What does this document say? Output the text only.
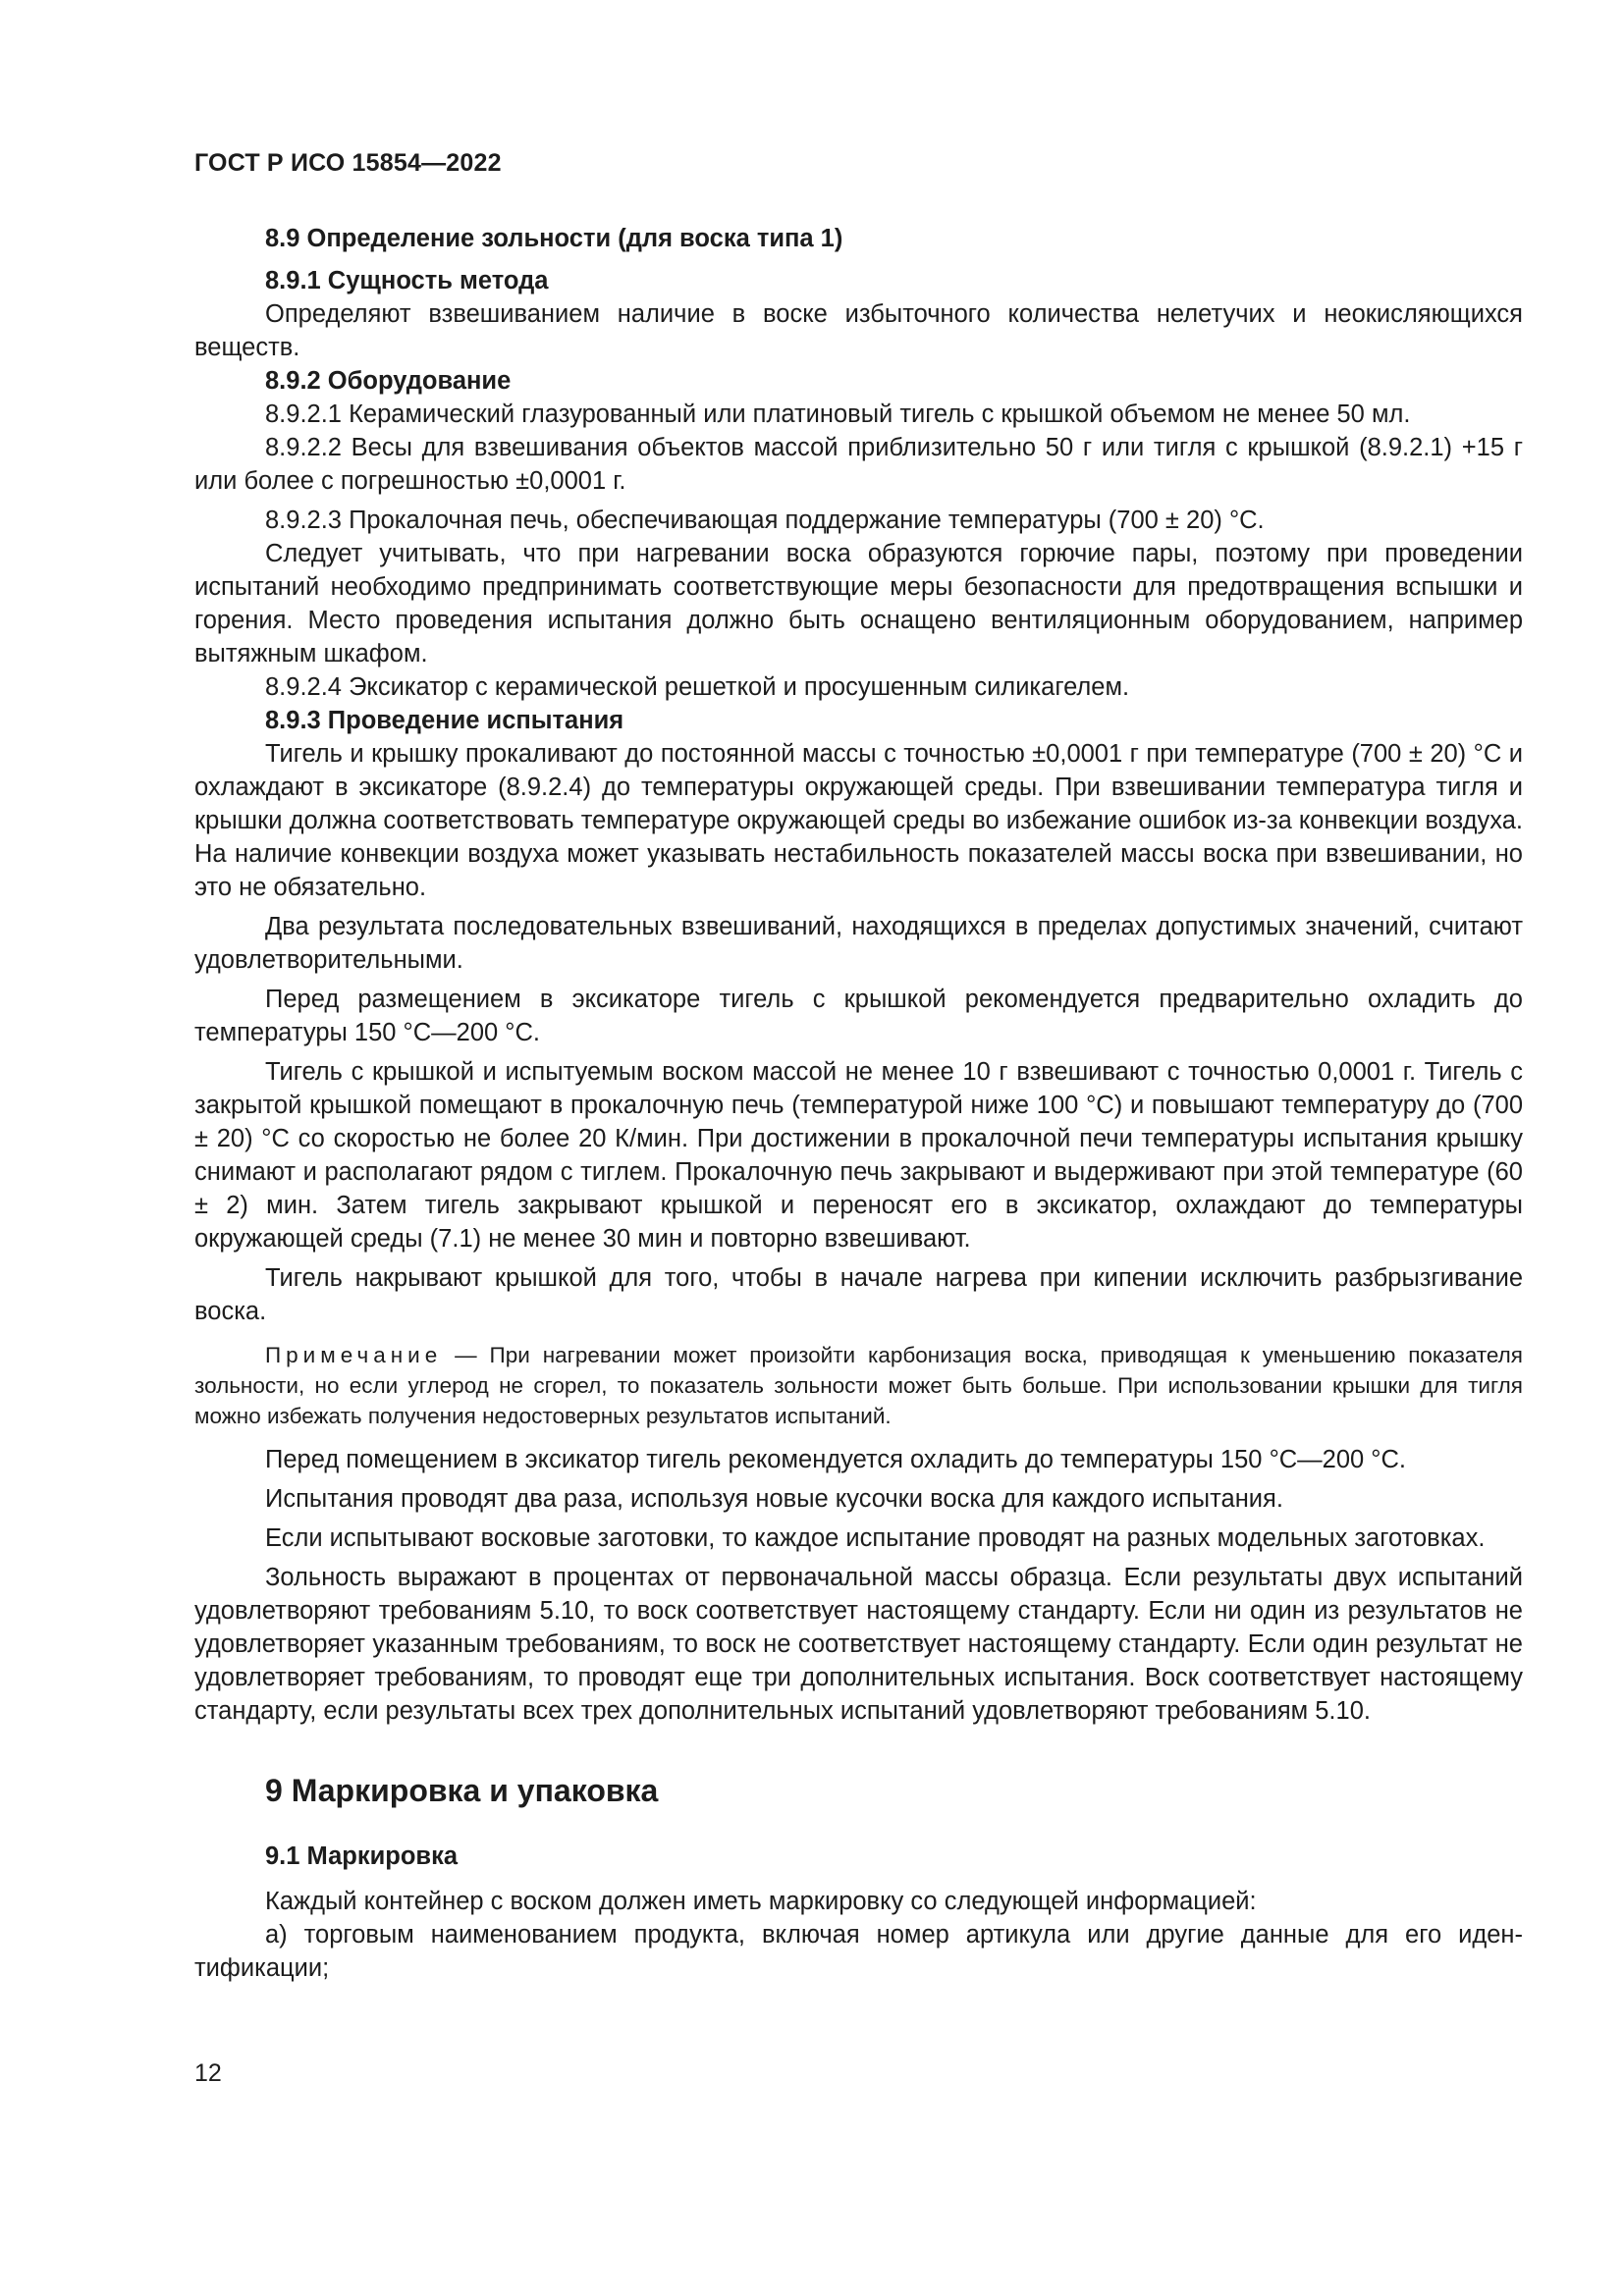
ГОСТ Р ИСО 15854—2022

8.9 Определение зольности (для воска типа 1)

8.9.1 Сущность метода

Определяют взвешиванием наличие в воске избыточного количества нелетучих и неокисляющихся веществ.

8.9.2 Оборудование

8.9.2.1 Керамический глазурованный или платиновый тигель с крышкой объемом не менее 50 мл.

8.9.2.2 Весы для взвешивания объектов массой приблизительно 50 г или тигля с крышкой (8.9.2.1) +15 г или более с погрешностью ±0,0001 г.

8.9.2.3 Прокалочная печь, обеспечивающая поддержание температуры (700 ± 20) °С.

Следует учитывать, что при нагревании воска образуются горючие пары, поэтому при проведении испытаний необходимо предпринимать соответствующие меры безопасности для предотвращения вспышки и горения. Место проведения испытания должно быть оснащено вентиляционным оборудованием, например вытяжным шкафом.

8.9.2.4 Эксикатор с керамической решеткой и просушенным силикагелем.

8.9.3 Проведение испытания

Тигель и крышку прокаливают до постоянной массы с точностью ±0,0001 г при температуре (700 ± 20) °С и охлаждают в эксикаторе (8.9.2.4) до температуры окружающей среды. При взвешивании температура тигля и крышки должна соответствовать температуре окружающей среды во избежание ошибок из-за конвекции воздуха. На наличие конвекции воздуха может указывать нестабильность показателей массы воска при взвешивании, но это не обязательно.

Два результата последовательных взвешиваний, находящихся в пределах допустимых значений, считают удовлетворительными.

Перед размещением в эксикаторе тигель с крышкой рекомендуется предварительно охладить до температуры 150 °С—200 °С.

Тигель с крышкой и испытуемым воском массой не менее 10 г взвешивают с точностью 0,0001 г. Тигель с закрытой крышкой помещают в прокалочную печь (температурой ниже 100 °С) и повышают температуру до (700 ± 20) °С со скоростью не более 20 К/мин. При достижении в прокалочной печи температуры испытания крышку снимают и располагают рядом с тиглем. Прокалочную печь закрывают и выдерживают при этой температуре (60 ± 2) мин. Затем тигель закрывают крышкой и переносят его в эксикатор, охлаждают до температуры окружающей среды (7.1) не менее 30 мин и повторно взвешивают.

Тигель накрывают крышкой для того, чтобы в начале нагрева при кипении исключить разбрызгивание воска.

Примечание — При нагревании может произойти карбонизация воска, приводящая к уменьшению показателя зольности, но если углерод не сгорел, то показатель зольности может быть больше. При использовании крышки для тигля можно избежать получения недостоверных результатов испытаний.

Перед помещением в эксикатор тигель рекомендуется охладить до температуры 150 °С—200 °С.

Испытания проводят два раза, используя новые кусочки воска для каждого испытания.

Если испытывают восковые заготовки, то каждое испытание проводят на разных модельных заготовках.

Зольность выражают в процентах от первоначальной массы образца. Если результаты двух испытаний удовлетворяют требованиям 5.10, то воск соответствует настоящему стандарту. Если ни один из результатов не удовлетворяет указанным требованиям, то воск не соответствует настоящему стандарту. Если один результат не удовлетворяет требованиям, то проводят еще три дополнительных испытания. Воск соответствует настоящему стандарту, если результаты всех трех дополнительных испытаний удовлетворяют требованиям 5.10.

9 Маркировка и упаковка

9.1 Маркировка

Каждый контейнер с воском должен иметь маркировку со следующей информацией:

a) торговым наименованием продукта, включая номер артикула или другие данные для его идентификации;

12
